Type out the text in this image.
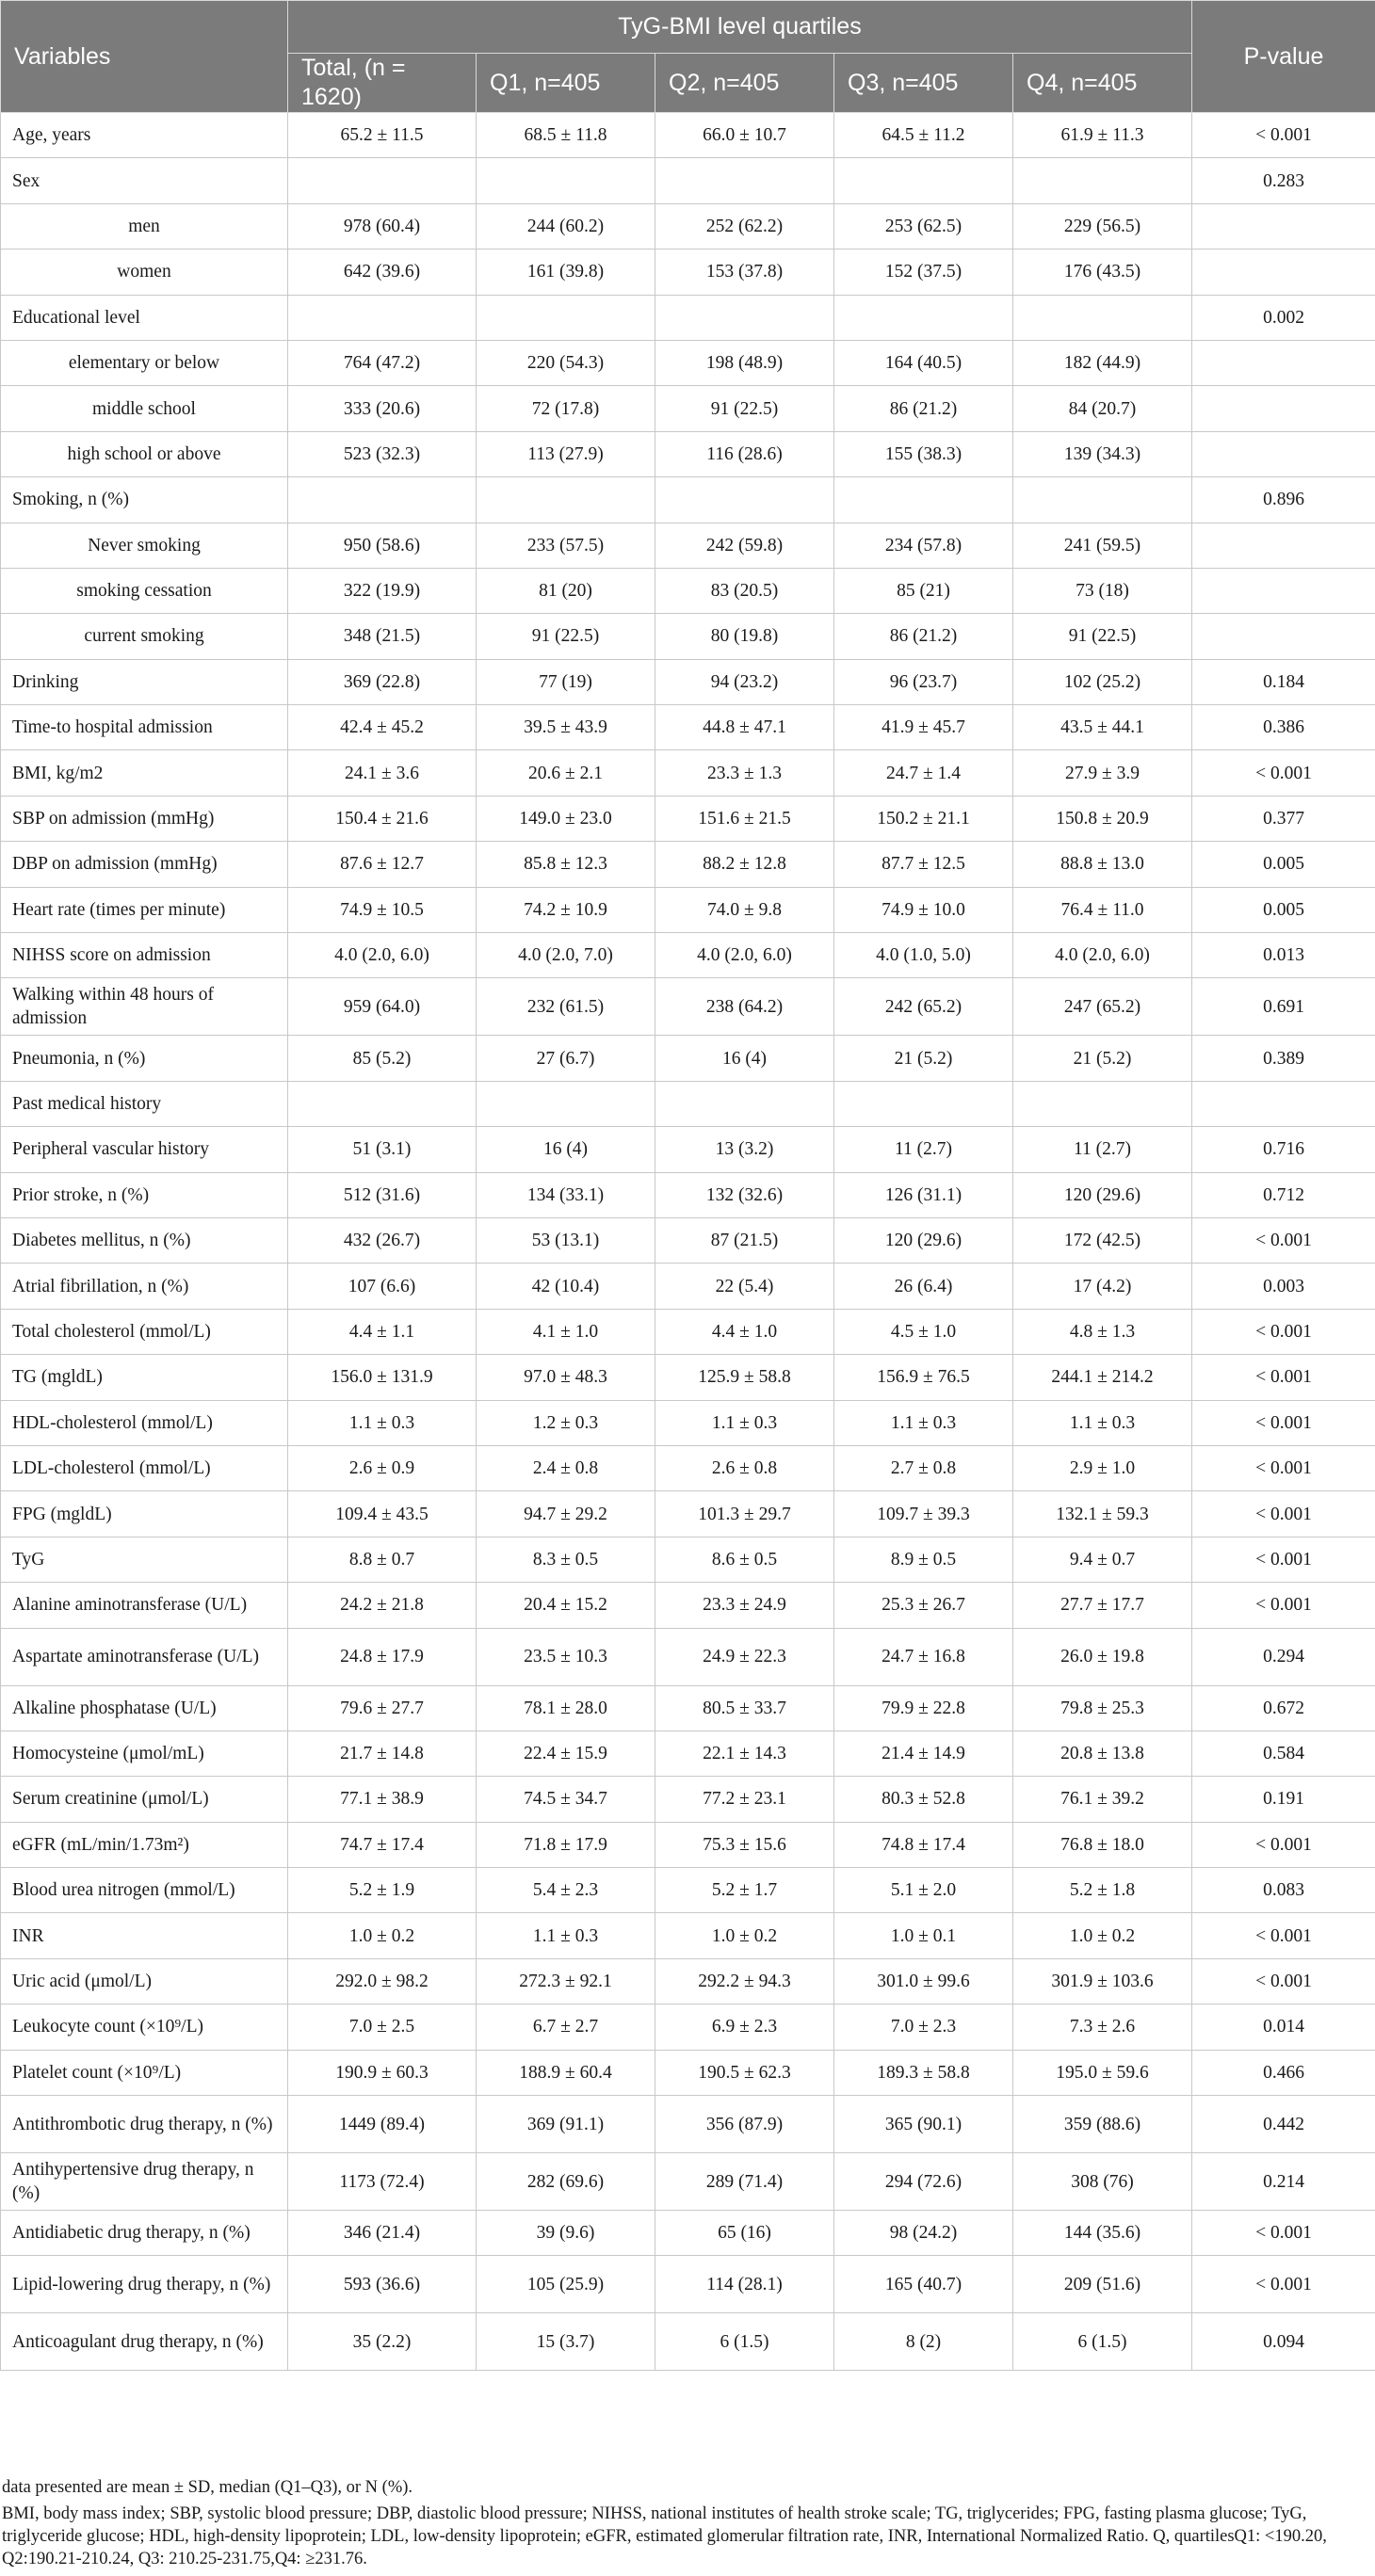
Variables	TyG-BMI level quartiles					P-value
	Total, (n = 1620)	Q1, n=405	Q2, n=405	Q3, n=405	Q4, n=405	
Age, years	65.2 ± 11.5	68.5 ± 11.8	66.0 ± 10.7	64.5 ± 11.2	61.9 ± 11.3	< 0.001
Sex						0.283
men	978 (60.4)	244 (60.2)	252 (62.2)	253 (62.5)	229 (56.5)	
women	642 (39.6)	161 (39.8)	153 (37.8)	152 (37.5)	176 (43.5)	
Educational level						0.002
elementary or below	764 (47.2)	220 (54.3)	198 (48.9)	164 (40.5)	182 (44.9)	
middle school	333 (20.6)	72 (17.8)	91 (22.5)	86 (21.2)	84 (20.7)	
high school or above	523 (32.3)	113 (27.9)	116 (28.6)	155 (38.3)	139 (34.3)	
Smoking, n (%)						0.896
Never smoking	950 (58.6)	233 (57.5)	242 (59.8)	234 (57.8)	241 (59.5)	
smoking cessation	322 (19.9)	81 (20)	83 (20.5)	85 (21)	73 (18)	
current smoking	348 (21.5)	91 (22.5)	80 (19.8)	86 (21.2)	91 (22.5)	
Drinking	369 (22.8)	77 (19)	94 (23.2)	96 (23.7)	102 (25.2)	0.184
Time-to hospital admission	42.4 ± 45.2	39.5 ± 43.9	44.8 ± 47.1	41.9 ± 45.7	43.5 ± 44.1	0.386
BMI, kg/m2	24.1 ± 3.6	20.6 ± 2.1	23.3 ± 1.3	24.7 ± 1.4	27.9 ± 3.9	< 0.001
SBP on admission (mmHg)	150.4 ± 21.6	149.0 ± 23.0	151.6 ± 21.5	150.2 ± 21.1	150.8 ± 20.9	0.377
DBP on admission (mmHg)	87.6 ± 12.7	85.8 ± 12.3	88.2 ± 12.8	87.7 ± 12.5	88.8 ± 13.0	0.005
Heart rate (times per minute)	74.9 ± 10.5	74.2 ± 10.9	74.0 ± 9.8	74.9 ± 10.0	76.4 ± 11.0	0.005
NIHSS score on admission	4.0 (2.0, 6.0)	4.0 (2.0, 7.0)	4.0 (2.0, 6.0)	4.0 (1.0, 5.0)	4.0 (2.0, 6.0)	0.013
Walking within 48 hours of admission	959 (64.0)	232 (61.5)	238 (64.2)	242 (65.2)	247 (65.2)	0.691
Pneumonia, n (%)	85 (5.2)	27 (6.7)	16 (4)	21 (5.2)	21 (5.2)	0.389
Past medical history						
Peripheral vascular history	51 (3.1)	16 (4)	13 (3.2)	11 (2.7)	11 (2.7)	0.716
Prior stroke, n (%)	512 (31.6)	134 (33.1)	132 (32.6)	126 (31.1)	120 (29.6)	0.712
Diabetes mellitus, n (%)	432 (26.7)	53 (13.1)	87 (21.5)	120 (29.6)	172 (42.5)	< 0.001
Atrial fibrillation, n (%)	107 (6.6)	42 (10.4)	22 (5.4)	26 (6.4)	17 (4.2)	0.003
Total cholesterol (mmol/L)	4.4 ± 1.1	4.1 ± 1.0	4.4 ± 1.0	4.5 ± 1.0	4.8 ± 1.3	< 0.001
TG (mgldL)	156.0 ± 131.9	97.0 ± 48.3	125.9 ± 58.8	156.9 ± 76.5	244.1 ± 214.2	< 0.001
HDL-cholesterol (mmol/L)	1.1 ± 0.3	1.2 ± 0.3	1.1 ± 0.3	1.1 ± 0.3	1.1 ± 0.3	< 0.001
LDL-cholesterol (mmol/L)	2.6 ± 0.9	2.4 ± 0.8	2.6 ± 0.8	2.7 ± 0.8	2.9 ± 1.0	< 0.001
FPG (mgldL)	109.4 ± 43.5	94.7 ± 29.2	101.3 ± 29.7	109.7 ± 39.3	132.1 ± 59.3	< 0.001
TyG	8.8 ± 0.7	8.3 ± 0.5	8.6 ± 0.5	8.9 ± 0.5	9.4 ± 0.7	< 0.001
Alanine aminotransferase (U/L)	24.2 ± 21.8	20.4 ± 15.2	23.3 ± 24.9	25.3 ± 26.7	27.7 ± 17.7	< 0.001
Aspartate aminotransferase (U/L)	24.8 ± 17.9	23.5 ± 10.3	24.9 ± 22.3	24.7 ± 16.8	26.0 ± 19.8	0.294
Alkaline phosphatase (U/L)	79.6 ± 27.7	78.1 ± 28.0	80.5 ± 33.7	79.9 ± 22.8	79.8 ± 25.3	0.672
Homocysteine (μmol/mL)	21.7 ± 14.8	22.4 ± 15.9	22.1 ± 14.3	21.4 ± 14.9	20.8 ± 13.8	0.584
Serum creatinine (μmol/L)	77.1 ± 38.9	74.5 ± 34.7	77.2 ± 23.1	80.3 ± 52.8	76.1 ± 39.2	0.191
eGFR (mL/min/1.73m²)	74.7 ± 17.4	71.8 ± 17.9	75.3 ± 15.6	74.8 ± 17.4	76.8 ± 18.0	< 0.001
Blood urea nitrogen (mmol/L)	5.2 ± 1.9	5.4 ± 2.3	5.2 ± 1.7	5.1 ± 2.0	5.2 ± 1.8	0.083
INR	1.0 ± 0.2	1.1 ± 0.3	1.0 ± 0.2	1.0 ± 0.1	1.0 ± 0.2	< 0.001
Uric acid (μmol/L)	292.0 ± 98.2	272.3 ± 92.1	292.2 ± 94.3	301.0 ± 99.6	301.9 ± 103.6	< 0.001
Leukocyte count (×10⁹/L)	7.0 ± 2.5	6.7 ± 2.7	6.9 ± 2.3	7.0 ± 2.3	7.3 ± 2.6	0.014
Platelet count (×10⁹/L)	190.9 ± 60.3	188.9 ± 60.4	190.5 ± 62.3	189.3 ± 58.8	195.0 ± 59.6	0.466
Antithrombotic drug therapy, n (%)	1449 (89.4)	369 (91.1)	356 (87.9)	365 (90.1)	359 (88.6)	0.442
Antihypertensive drug therapy, n (%)	1173 (72.4)	282 (69.6)	289 (71.4)	294 (72.6)	308 (76)	0.214
Antidiabetic drug therapy, n (%)	346 (21.4)	39 (9.6)	65 (16)	98 (24.2)	144 (35.6)	< 0.001
Lipid-lowering drug therapy, n (%)	593 (36.6)	105 (25.9)	114 (28.1)	165 (40.7)	209 (51.6)	< 0.001
Anticoagulant drug therapy, n (%)	35 (2.2)	15 (3.7)	6 (1.5)	8 (2)	6 (1.5)	0.094

data presented are mean ± SD, median (Q1–Q3), or N (%).

BMI, body mass index; SBP, systolic blood pressure; DBP, diastolic blood pressure; NIHSS, national institutes of health stroke scale; TG, triglycerides; FPG, fasting plasma glucose; TyG, triglyceride glucose; HDL, high-density lipoprotein; LDL, low-density lipoprotein; eGFR, estimated glomerular filtration rate, INR, International Normalized Ratio. Q, quartilesQ1: <190.20, Q2:190.21-210.24, Q3: 210.25-231.75,Q4: ≥231.76.
